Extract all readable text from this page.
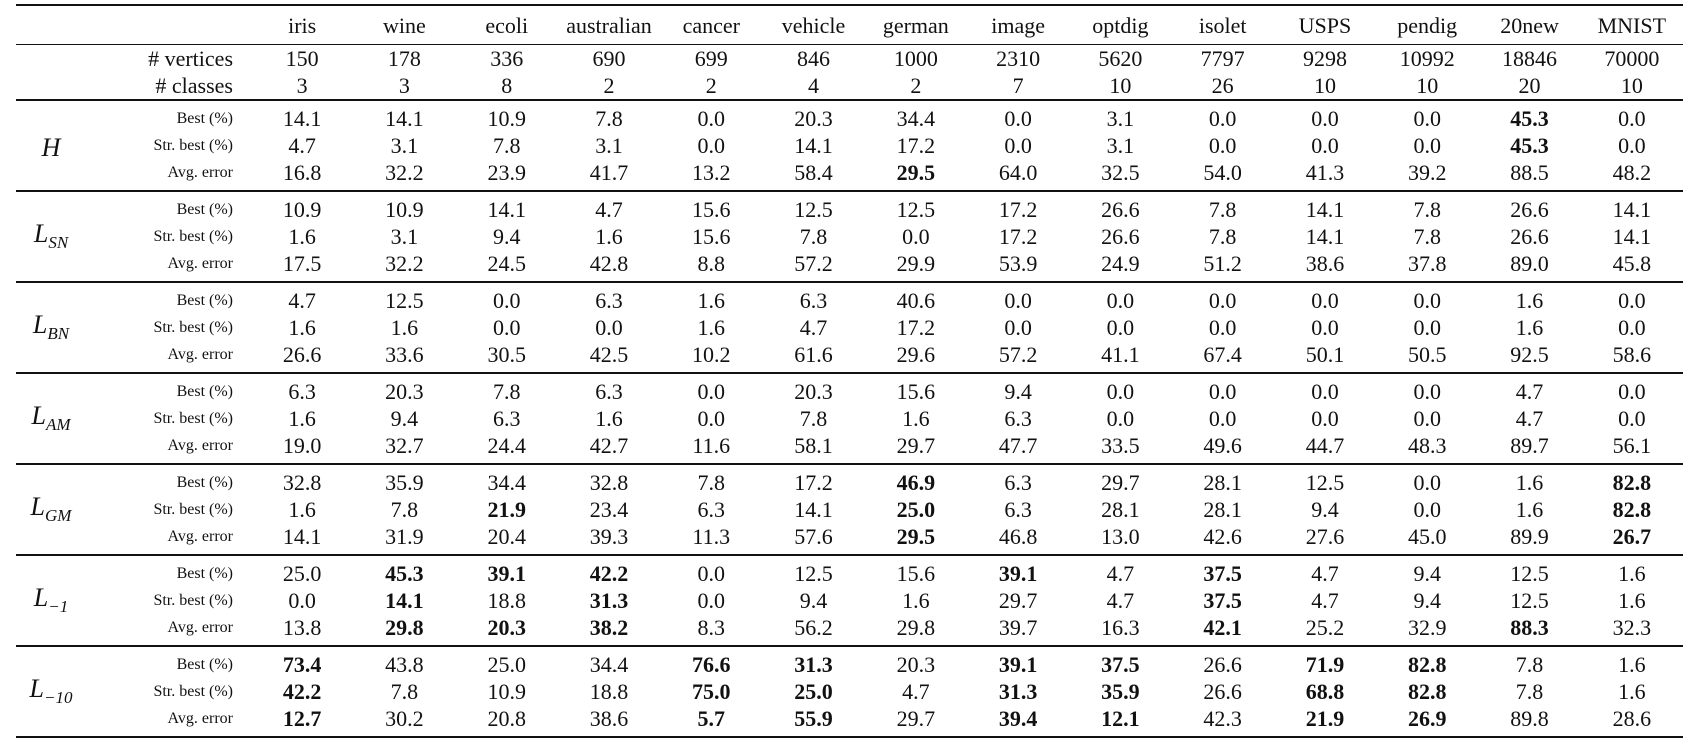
		iris	wine	ecoli	australian	cancer	vehicle	german	image	optdig	isolet	USPS	pendig	20new	MNIST
	# vertices	150	178	336	690	699	846	1000	2310	5620	7797	9298	10992	18846	70000
	# classes	3	3	8	2	2	4	2	7	10	26	10	10	20	10
H	Best (%)	14.1	14.1	10.9	7.8	0.0	20.3	34.4	0.0	3.1	0.0	0.0	0.0	45.3	0.0
	Str. best (%)	4.7	3.1	7.8	3.1	0.0	14.1	17.2	0.0	3.1	0.0	0.0	0.0	45.3	0.0
	Avg. error	16.8	32.2	23.9	41.7	13.2	58.4	29.5	64.0	32.5	54.0	41.3	39.2	88.5	48.2
$L_{SN}$	Best (%)	10.9	10.9	14.1	4.7	15.6	12.5	12.5	17.2	26.6	7.8	14.1	7.8	26.6	14.1
	Str. best (%)	1.6	3.1	9.4	1.6	15.6	7.8	0.0	17.2	26.6	7.8	14.1	7.8	26.6	14.1
	Avg. error	17.5	32.2	24.5	42.8	8.8	57.2	29.9	53.9	24.9	51.2	38.6	37.8	89.0	45.8
$L_{BN}$	Best (%)	4.7	12.5	0.0	6.3	1.6	6.3	40.6	0.0	0.0	0.0	0.0	0.0	1.6	0.0
	Str. best (%)	1.6	1.6	0.0	0.0	1.6	4.7	17.2	0.0	0.0	0.0	0.0	0.0	1.6	0.0
	Avg. error	26.6	33.6	30.5	42.5	10.2	61.6	29.6	57.2	41.1	67.4	50.1	50.5	92.5	58.6
$L_{AM}$	Best (%)	6.3	20.3	7.8	6.3	0.0	20.3	15.6	9.4	0.0	0.0	0.0	0.0	4.7	0.0
	Str. best (%)	1.6	9.4	6.3	1.6	0.0	7.8	1.6	6.3	0.0	0.0	0.0	0.0	4.7	0.0
	Avg. error	19.0	32.7	24.4	42.7	11.6	58.1	29.7	47.7	33.5	49.6	44.7	48.3	89.7	56.1
$L_{GM}$	Best (%)	32.8	35.9	34.4	32.8	7.8	17.2	46.9	6.3	29.7	28.1	12.5	0.0	1.6	82.8
	Str. best (%)	1.6	7.8	21.9	23.4	6.3	14.1	25.0	6.3	28.1	28.1	9.4	0.0	1.6	82.8
	Avg. error	14.1	31.9	20.4	39.3	11.3	57.6	29.5	46.8	13.0	42.6	27.6	45.0	89.9	26.7
$L_{-1}$	Best (%)	25.0	45.3	39.1	42.2	0.0	12.5	15.6	39.1	4.7	37.5	4.7	9.4	12.5	1.6
	Str. best (%)	0.0	14.1	18.8	31.3	0.0	9.4	1.6	29.7	4.7	37.5	4.7	9.4	12.5	1.6
	Avg. error	13.8	29.8	20.3	38.2	8.3	56.2	29.8	39.7	16.3	42.1	25.2	32.9	88.3	32.3
$L_{-10}$	Best (%)	73.4	43.8	25.0	34.4	76.6	31.3	20.3	39.1	37.5	26.6	71.9	82.8	7.8	1.6
	Str. best (%)	42.2	7.8	10.9	18.8	75.0	25.0	4.7	31.3	35.9	26.6	68.8	82.8	7.8	1.6
	Avg. error	12.7	30.2	20.8	38.6	5.7	55.9	29.7	39.4	12.1	42.3	21.9	26.9	89.8	28.6
